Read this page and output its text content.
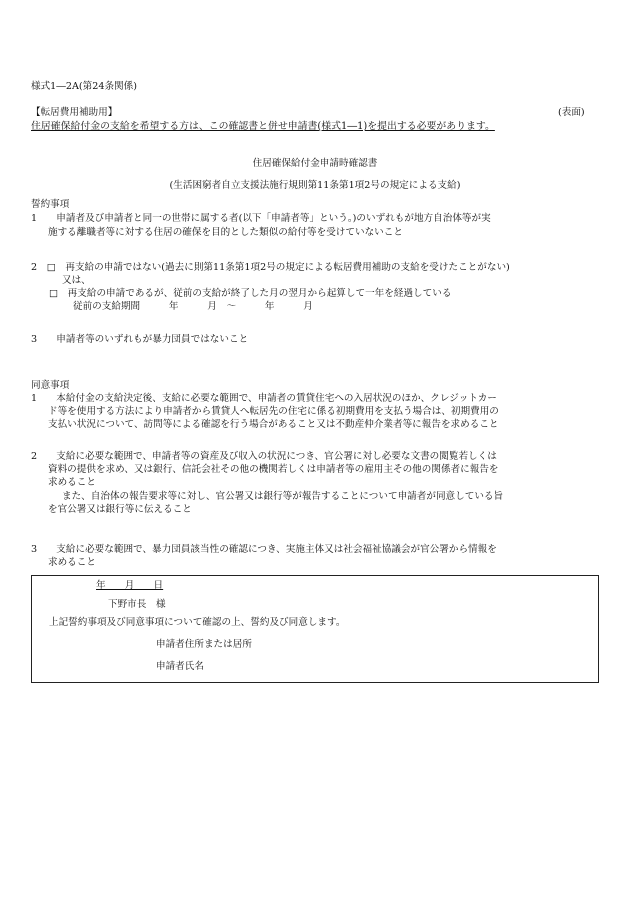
様式1―2A(第24条関係)
【転居費用補助用】	(表面)
住居確保給付金の支給を希望する方は、この確認書と併せ申請書(様式1―1)を提出する必要があります。
住居確保給付金申請時確認書
(生活困窮者自立支援法施行規則第11条第1項2号の規定による支給)
誓約事項
1　　申請者及び申請者と同一の世帯に属する者(以下「申請者等」という。)のいずれもが地方自治体等が実
施する離職者等に対する住居の確保を目的とした類似の給付等を受けていないこと
2　□　再支給の申請ではない(過去に則第11条第1項2号の規定による転居費用補助の支給を受けたことがない)
又は、
□　再支給の申請であるが、従前の支給が終了した月の翌月から起算して一年を経過している
従前の支給期間　　　年　　　月　～　　　年　　　月
3　　申請者等のいずれもが暴力団員ではないこと
同意事項
1　　本給付金の支給決定後、支給に必要な範囲で、申請者の賃貸住宅への入居状況のほか、クレジットカー
ド等を使用する方法により申請者から賃貸人へ転居先の住宅に係る初期費用を支払う場合は、初期費用の
支払い状況について、訪問等による確認を行う場合があること又は不動産仲介業者等に報告を求めること
2　　支給に必要な範囲で、申請者等の資産及び収入の状況につき、官公署に対し必要な文書の閲覧若しくは
資料の提供を求め、又は銀行、信託会社その他の機関若しくは申請者等の雇用主その他の関係者に報告を
求めること
また、自治体の報告要求等に対し、官公署又は銀行等が報告することについて申請者が同意している旨
を官公署又は銀行等に伝えること
3　　支給に必要な範囲で、暴力団員該当性の確認につき、実施主体又は社会福祉協議会が官公署から情報を
求めること
年　　月　　日
下野市長　様
上記誓約事項及び同意事項について確認の上、誓約及び同意します。
申請者住所または居所
申請者氏名
